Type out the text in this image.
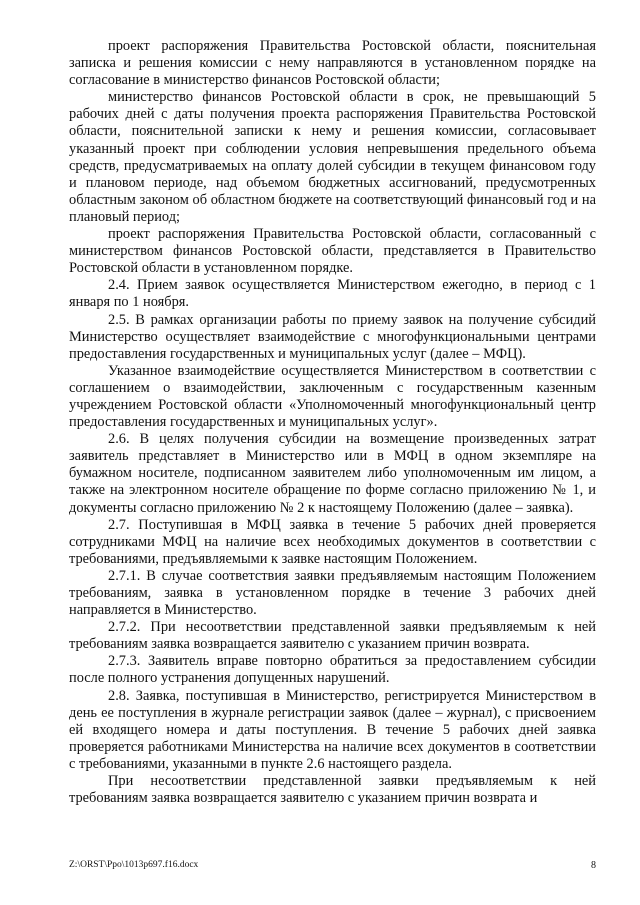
проект распоряжения Правительства Ростовской области, пояснительная записка и решения комиссии с нему направляются в установленном порядке на согласование в министерство финансов Ростовской области;

министерство финансов Ростовской области в срок, не превышающий 5 рабочих дней с даты получения проекта распоряжения Правительства Ростовской области, пояснительной записки к нему и решения комиссии, согласовывает указанный проект при соблюдении условия непревышения предельного объема средств, предусматриваемых на оплату долей субсидии в текущем финансовом году и плановом периоде, над объемом бюджетных ассигнований, предусмотренных областным законом об областном бюджете на соответствующий финансовый год и на плановый период;

проект распоряжения Правительства Ростовской области, согласованный с министерством финансов Ростовской области, представляется в Правительство Ростовской области в установленном порядке.

2.4. Прием заявок осуществляется Министерством ежегодно, в период с 1 января по 1 ноября.

2.5. В рамках организации работы по приему заявок на получение субсидий Министерство осуществляет взаимодействие с многофункциональными центрами предоставления государственных и муниципальных услуг (далее – МФЦ).

Указанное взаимодействие осуществляется Министерством в соответствии с соглашением о взаимодействии, заключенным с государственным казенным учреждением Ростовской области «Уполномоченный многофункциональный центр предоставления государственных и муниципальных услуг».

2.6. В целях получения субсидии на возмещение произведенных затрат заявитель представляет в Министерство или в МФЦ в одном экземпляре на бумажном носителе, подписанном заявителем либо уполномоченным им лицом, а также на электронном носителе обращение по форме согласно приложению № 1, и документы согласно приложению № 2 к настоящему Положению (далее – заявка).

2.7. Поступившая в МФЦ заявка в течение 5 рабочих дней проверяется сотрудниками МФЦ на наличие всех необходимых документов в соответствии с требованиями, предъявляемыми к заявке настоящим Положением.

2.7.1. В случае соответствия заявки предъявляемым настоящим Положением требованиям, заявка в установленном порядке в течение 3 рабочих дней направляется в Министерство.

2.7.2. При несоответствии представленной заявки предъявляемым к ней требованиям заявка возвращается заявителю с указанием причин возврата.

2.7.3. Заявитель вправе повторно обратиться за предоставлением субсидии после полного устранения допущенных нарушений.

2.8. Заявка, поступившая в Министерство, регистрируется Министерством в день ее поступления в журнале регистрации заявок (далее – журнал), с присвоением ей входящего номера и даты поступления. В течение 5 рабочих дней заявка проверяется работниками Министерства на наличие всех документов в соответствии с требованиями, указанными в пункте 2.6 настоящего раздела.

При несоответствии представленной заявки предъявляемым к ней требованиям заявка возвращается заявителю с указанием причин возврата и

Z:\ORST\Ppo\1013p697.f16.docx	8
